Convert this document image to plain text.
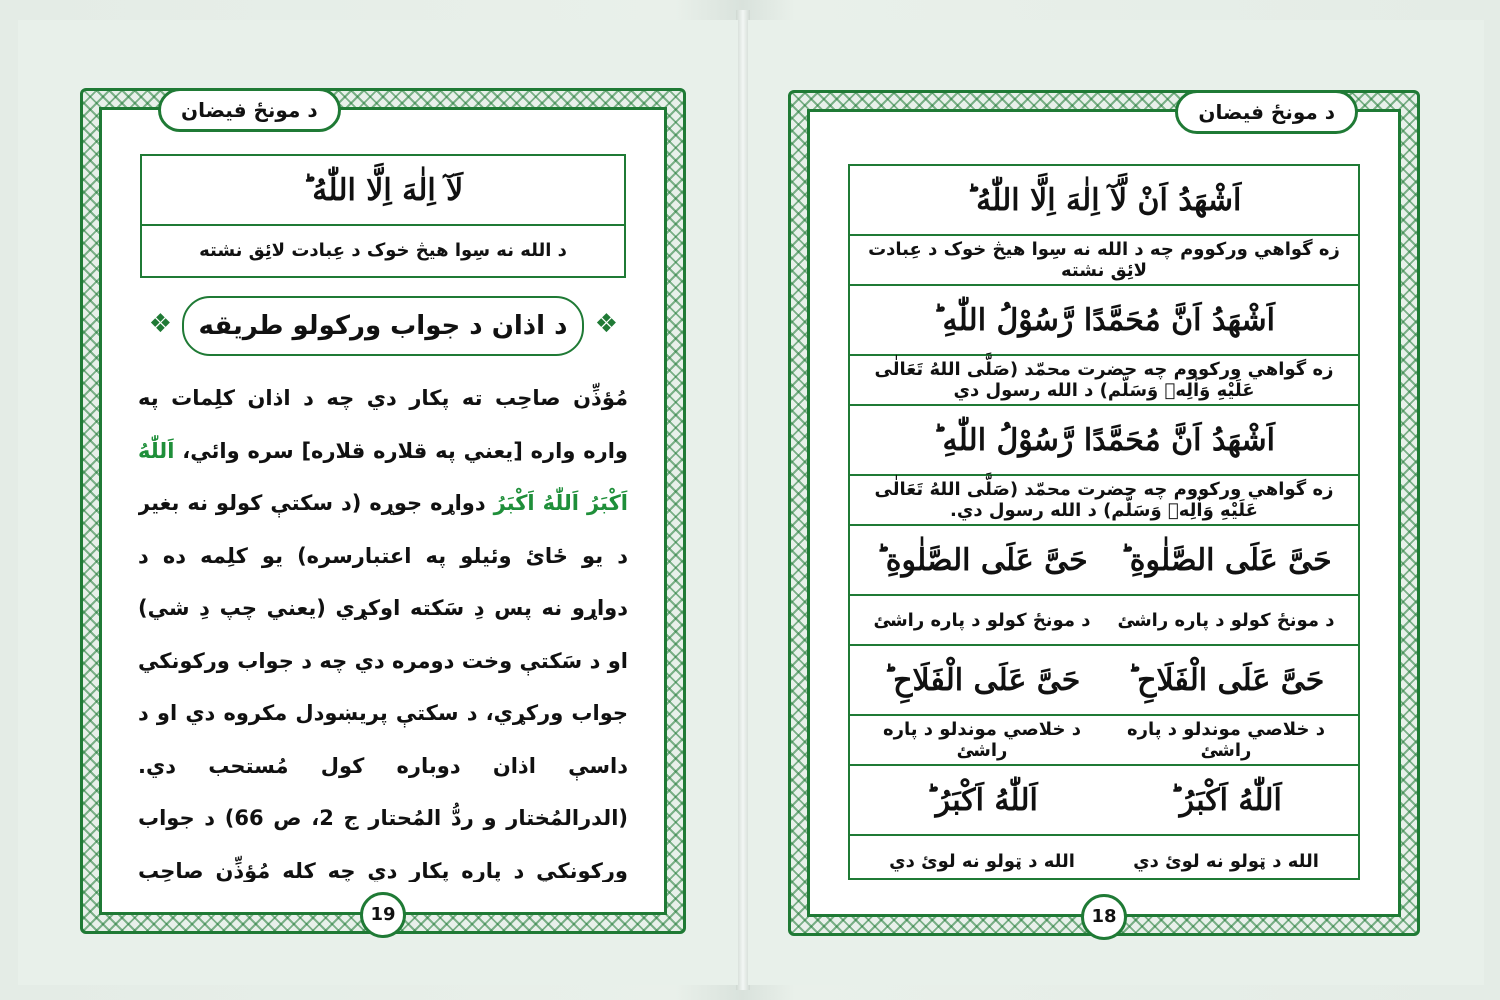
د مونځ فيضان
لَآ اِلٰهَ اِلَّا اللّٰهُ ؕ
د الله نه سِوا هيڅ خوک د عِبادت لائِق نشته
❖ د اذان د جواب ورکولو طريقه ❖
مُؤذِّن صاحِب ته پکار دي چه د اذان کلِمات په واره واره [يعني په قلاره قلاره] سره وائي، اَللّٰهُ اَکْبَرُ اَللّٰهُ اَکْبَرُ دواړه جوړه (د سکتې کولو نه بغير د يو ځائ وئيلو په اعتبارسره) يو کلِمه ده د دواړو نه پس دِ سَکته اوکړي (يعني چپ دِ شي) او د سَکتې وخت دومره دي چه د جواب ورکونکي جواب ورکړي، د سکتې پريښودل مکروه دي او د داسې اذان دوباره کول مُستحب دي. (الدرالمُختار و ردُّ المُحتار ج 2، ص 66) د جواب ورکونکي د پاره پکار دي چه کله مُؤذِّن صاحِب
19
د مونځ فيضان
اَشْهَدُ اَنْ لَّآ اِلٰهَ اِلَّا اللّٰهُ ؕ
زه گواهي ورکووم چه د الله نه سِوا هيڅ خوک د عِبادت لائِق نشته
اَشْهَدُ اَنَّ مُحَمَّدًا رَّسُوْلُ اللّٰهِ ؕ
زه گواهي ورکووم چه حضرت محمّد (صَلَّی اللهُ تَعَالٰی عَلَيْهِ وَاٰلِهٖ وَسَلَّم) د الله رسول دي
اَشْهَدُ اَنَّ مُحَمَّدًا رَّسُوْلُ اللّٰهِ ؕ
زه گواهي ورکووم چه حضرت محمّد (صَلَّی اللهُ تَعَالٰی عَلَيْهِ وَاٰلِهٖ وَسَلَّم) د الله رسول دي.
حَیَّ عَلَی الصَّلٰوةِ ؕ
حَیَّ عَلَی الصَّلٰوةِ ؕ
د مونځ کولو د پاره راشئ
د مونځ کولو د پاره راشئ
حَیَّ عَلَی الْفَلَاحِ ؕ
حَیَّ عَلَی الْفَلَاحِ ؕ
د خلاصي موندلو د پاره راشئ
د خلاصي موندلو د پاره راشئ
اَللّٰهُ اَکْبَرُ ؕ
اَللّٰهُ اَکْبَرُ ؕ
الله د ټولو نه لوئ دي
الله د ټولو نه لوئ دي
18
